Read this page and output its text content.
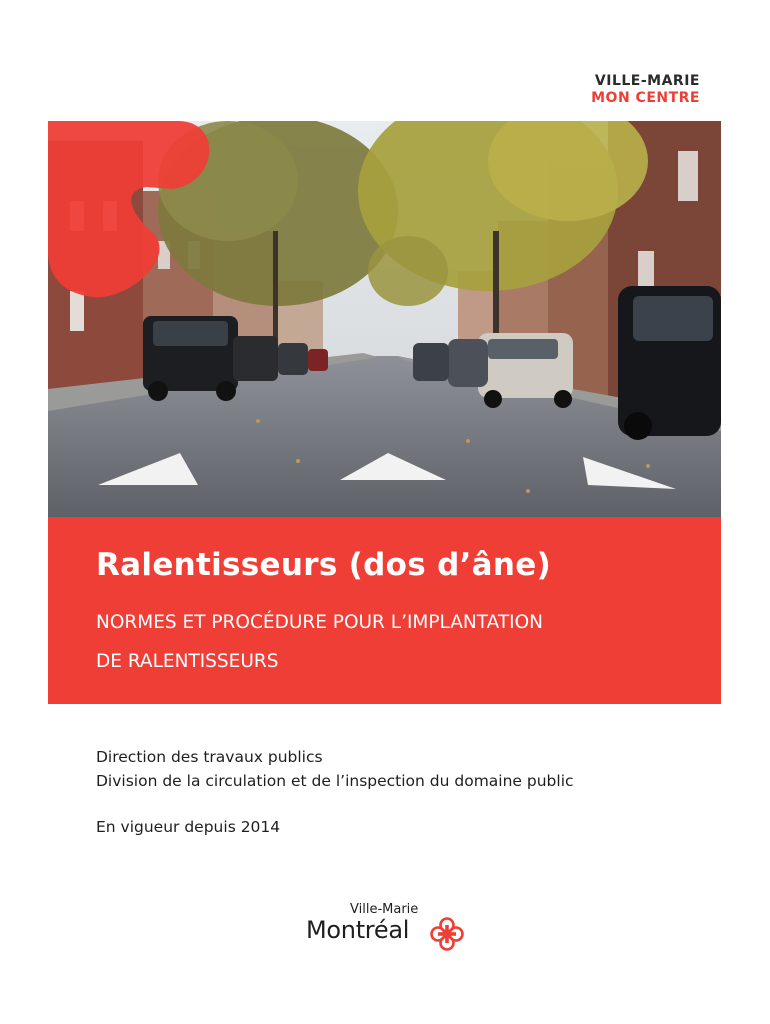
VILLE-MARIE
MON CENTRE
Ralentisseurs (dos d’âne)
NORMES ET PROCÉDURE POUR L’IMPLANTATION
DE RALENTISSEURS
Direction des travaux publics
Division de la circulation et de l’inspection du domaine public
En vigueur depuis 2014
Ville-Marie
Montréal
